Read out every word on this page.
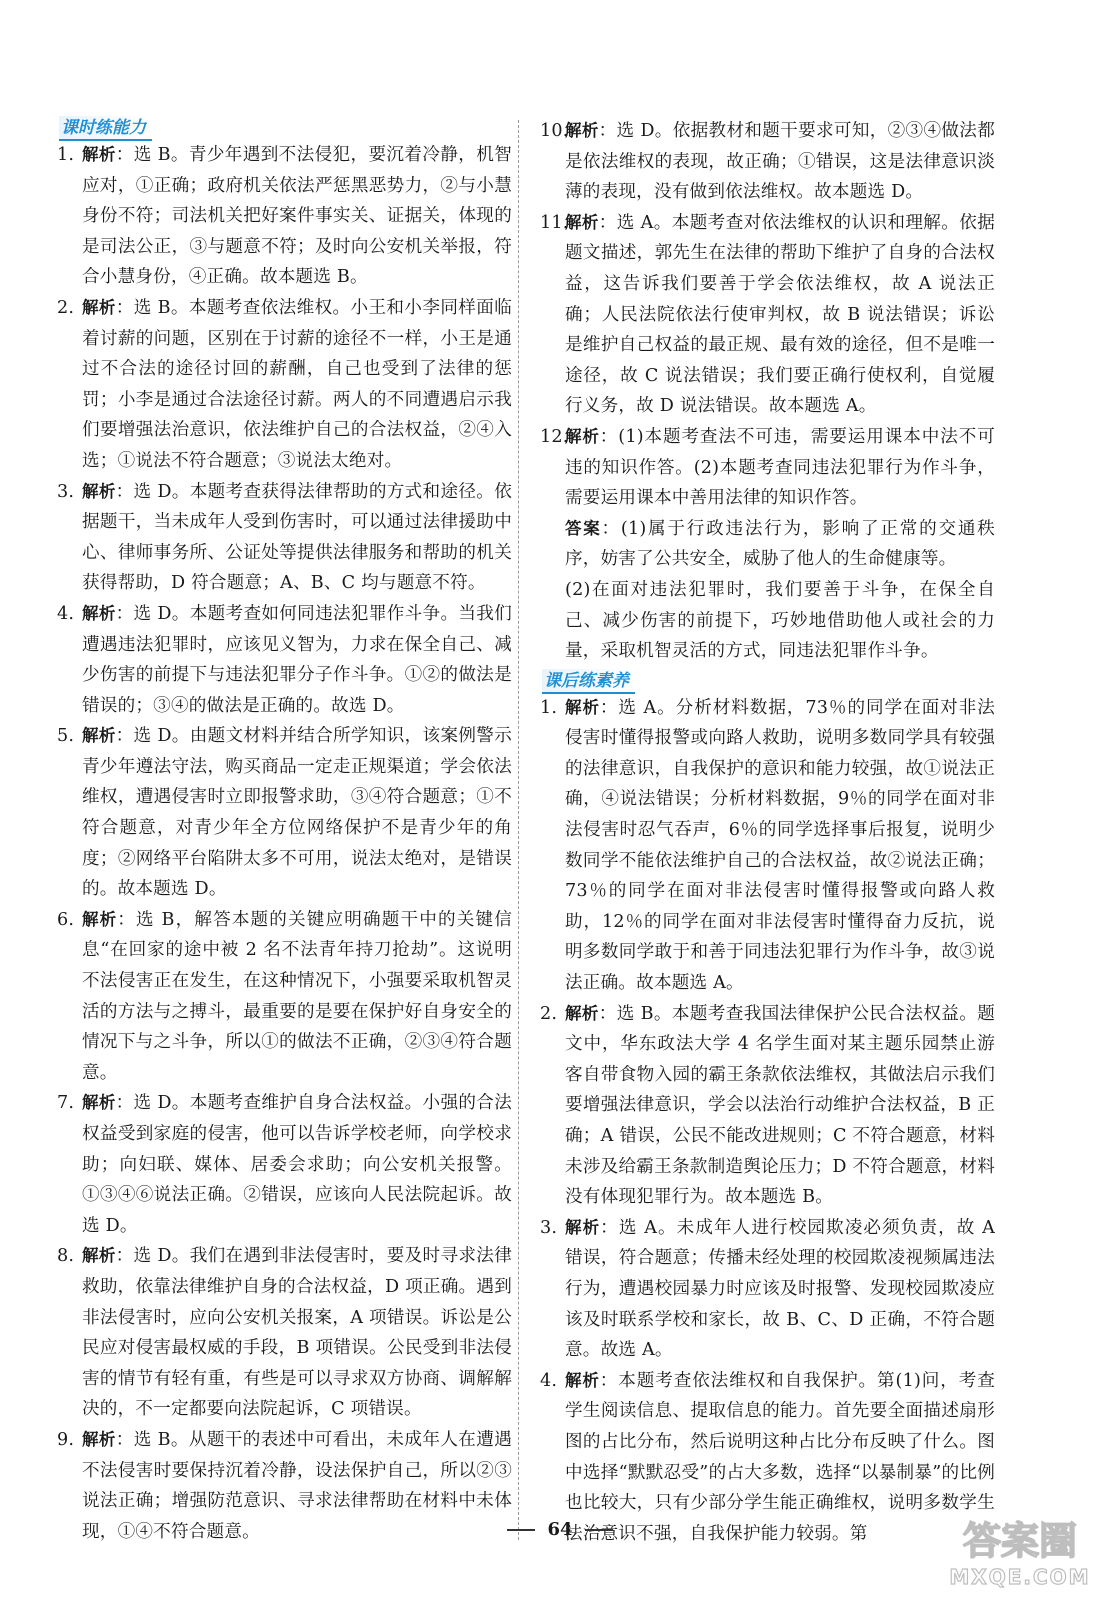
课时练能力
1. 解析：选 B。青少年遇到不法侵犯，要沉着冷静，机智应对，①正确；政府机关依法严惩黑恶势力，②与小慧身份不符；司法机关把好案件事实关、证据关，体现的是司法公正，③与题意不符；及时向公安机关举报，符合小慧身份，④正确。故本题选 B。
2. 解析：选 B。本题考查依法维权。小王和小李同样面临着讨薪的问题，区别在于讨薪的途径不一样，小王是通过不合法的途径讨回的薪酬，自己也受到了法律的惩罚；小李是通过合法途径讨薪。两人的不同遭遇启示我们要增强法治意识，依法维护自己的合法权益，②④入选；①说法不符合题意；③说法太绝对。
3. 解析：选 D。本题考查获得法律帮助的方式和途径。依据题干，当未成年人受到伤害时，可以通过法律援助中心、律师事务所、公证处等提供法律服务和帮助的机关获得帮助，D 符合题意；A、B、C 均与题意不符。
4. 解析：选 D。本题考查如何同违法犯罪作斗争。当我们遭遇违法犯罪时，应该见义智为，力求在保全自己、减少伤害的前提下与违法犯罪分子作斗争。①②的做法是错误的；③④的做法是正确的。故选 D。
5. 解析：选 D。由题文材料并结合所学知识，该案例警示青少年遵法守法，购买商品一定走正规渠道；学会依法维权，遭遇侵害时立即报警求助，③④符合题意；①不符合题意，对青少年全方位网络保护不是青少年的角度；②网络平台陷阱太多不可用，说法太绝对，是错误的。故本题选 D。
6. 解析：选 B，解答本题的关键应明确题干中的关键信息“在回家的途中被 2 名不法青年持刀抢劫”。这说明不法侵害正在发生，在这种情况下，小强要采取机智灵活的方法与之搏斗，最重要的是要在保护好自身安全的情况下与之斗争，所以①的做法不正确，②③④符合题意。
7. 解析：选 D。本题考查维护自身合法权益。小强的合法权益受到家庭的侵害，他可以告诉学校老师，向学校求助；向妇联、媒体、居委会求助；向公安机关报警。①③④⑥说法正确。②错误，应该向人民法院起诉。故选 D。
8. 解析：选 D。我们在遇到非法侵害时，要及时寻求法律救助，依靠法律维护自身的合法权益，D 项正确。遇到非法侵害时，应向公安机关报案，A 项错误。诉讼是公民应对侵害最权威的手段，B 项错误。公民受到非法侵害的情节有轻有重，有些是可以寻求双方协商、调解解决的，不一定都要向法院起诉，C 项错误。
9. 解析：选 B。从题干的表述中可看出，未成年人在遭遇不法侵害时要保持沉着冷静，设法保护自己，所以②③说法正确；增强防范意识、寻求法律帮助在材料中未体现，①④不符合题意。
10.
解析：选 D。依据教材和题干要求可知，②③④做法都是依法维权的表现，故正确；①错误，这是法律意识淡薄的表现，没有做到依法维权。故本题选 D。
11.
解析：选 A。本题考查对依法维权的认识和理解。依据题文描述，郭先生在法律的帮助下维护了自身的合法权益，这告诉我们要善于学会依法维权，故 A 说法正确；人民法院依法行使审判权，故 B 说法错误；诉讼是维护自己权益的最正规、最有效的途径，但不是唯一途径，故 C 说法错误；我们要正确行使权利，自觉履行义务，故 D 说法错误。故本题选 A。
12.
解析：(1)本题考查法不可违，需要运用课本中法不可违的知识作答。(2)本题考查同违法犯罪行为作斗争，需要运用课本中善用法律的知识作答。
答案：(1)属于行政违法行为，影响了正常的交通秩序，妨害了公共安全，威胁了他人的生命健康等。
(2)在面对违法犯罪时，我们要善于斗争，在保全自己、减少伤害的前提下，巧妙地借助他人或社会的力量，采取机智灵活的方式，同违法犯罪作斗争。
课后练素养
1. 解析：选 A。分析材料数据，73％的同学在面对非法侵害时懂得报警或向路人救助，说明多数同学具有较强的法律意识，自我保护的意识和能力较强，故①说法正确，④说法错误；分析材料数据，9％的同学在面对非法侵害时忍气吞声，6％的同学选择事后报复，说明少数同学不能依法维护自己的合法权益，故②说法正确；73％的同学在面对非法侵害时懂得报警或向路人救助，12％的同学在面对非法侵害时懂得奋力反抗，说明多数同学敢于和善于同违法犯罪行为作斗争，故③说法正确。故本题选 A。
2. 解析：选 B。本题考查我国法律保护公民合法权益。题文中，华东政法大学 4 名学生面对某主题乐园禁止游客自带食物入园的霸王条款依法维权，其做法启示我们要增强法律意识，学会以法治行动维护合法权益，B 正确；A 错误，公民不能改进规则；C 不符合题意，材料未涉及给霸王条款制造舆论压力；D 不符合题意，材料没有体现犯罪行为。故本题选 B。
3. 解析：选 A。未成年人进行校园欺凌必须负责，故 A 错误，符合题意；传播未经处理的校园欺凌视频属违法行为，遭遇校园暴力时应该及时报警、发现校园欺凌应该及时联系学校和家长，故 B、C、D 正确，不符合题意。故选 A。
4. 解析：本题考查依法维权和自我保护。第(1)问，考查学生阅读信息、提取信息的能力。首先要全面描述扇形图的占比分布，然后说明这种占比分布反映了什么。图中选择“默默忍受”的占大多数，选择“以暴制暴”的比例也比较大，只有少部分学生能正确维权，说明多数学生法治意识不强，自我保护能力较弱。第
64	答案圈
MXQE.COM
